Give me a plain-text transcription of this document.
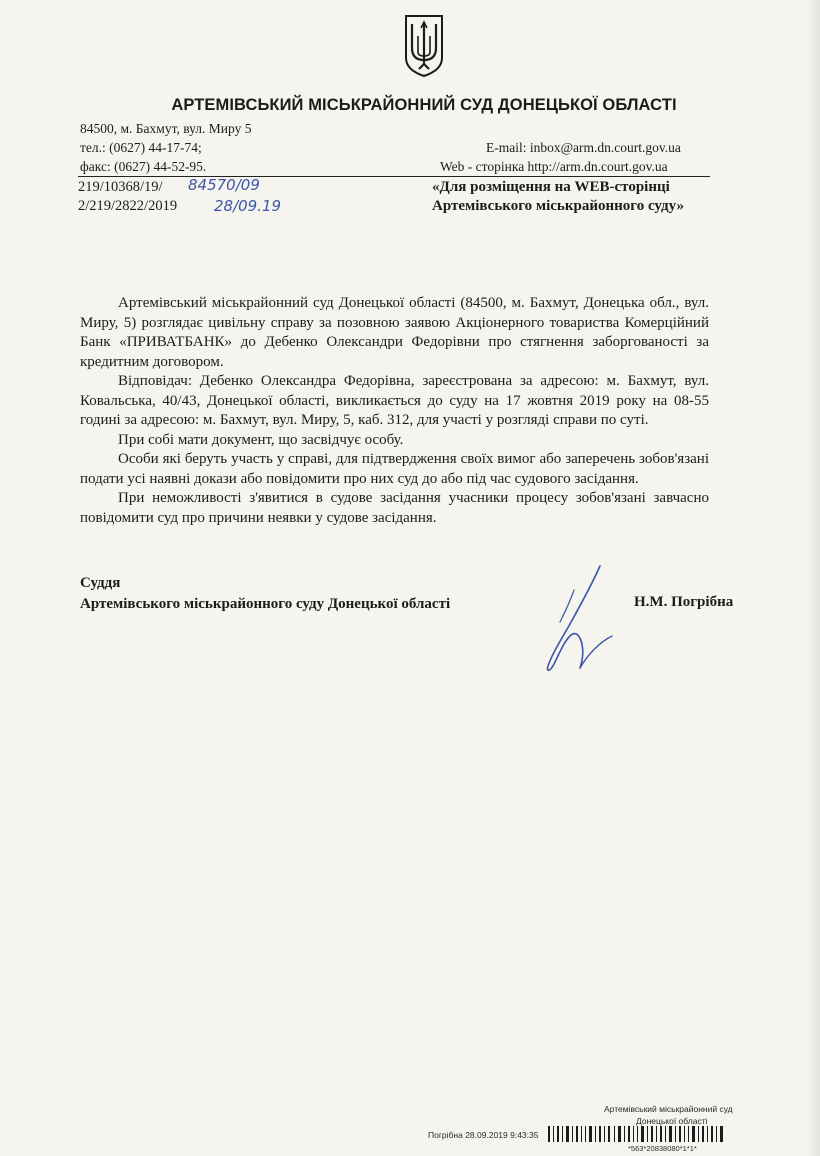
АРТЕМІВСЬКИЙ МІСЬКРАЙОННИЙ СУД ДОНЕЦЬКОЇ ОБЛАСТІ
84500, м. Бахмут, вул. Миру 5
тел.: (0627) 44-17-74;
факс: (0627) 44-52-95.
E-mail: inbox@arm.dn.court.gov.ua
Web - сторінка http://arm.dn.court.gov.ua
219/10368/19/ 84570/09
2/219/2822/2019 28/09.19
«Для розміщення на WEB-сторінці
Артемівського міськрайонного суду»

Артемівський міськрайонний суд Донецької області (84500, м. Бахмут, Донецька обл., вул. Миру, 5) розглядає цивільну справу за позовною заявою Акціонерного товариства Комерційний Банк «ПРИВАТБАНК» до Дебенко Олександри Федорівни про стягнення заборгованості за кредитним договором.

Відповідач: Дебенко Олександра Федорівна, зареєстрована за адресою: м. Бахмут, вул. Ковальська, 40/43, Донецької області, викликається до суду на 17 жовтня 2019 року на 08-55 годині за адресою: м. Бахмут, вул. Миру, 5, каб. 312, для участі у розгляді справи по суті.

При собі мати документ, що засвідчує особу.

Особи які беруть участь у справі, для підтвердження своїх вимог або заперечень зобов'язані подати усі наявні докази або повідомити про них суд до або під час судового засідання.

При неможливості з'явитися в судове засідання учасники процесу зобов'язані завчасно повідомити суд про причини неявки у судове засідання.

Суддя
Артемівського міськрайонного суду Донецької області	Н.М. Погрібна
Артемівський міськрайонний суд
Донецької області
Погрібна 28.09.2019 9:43:35
*563*20838080*1*1*
